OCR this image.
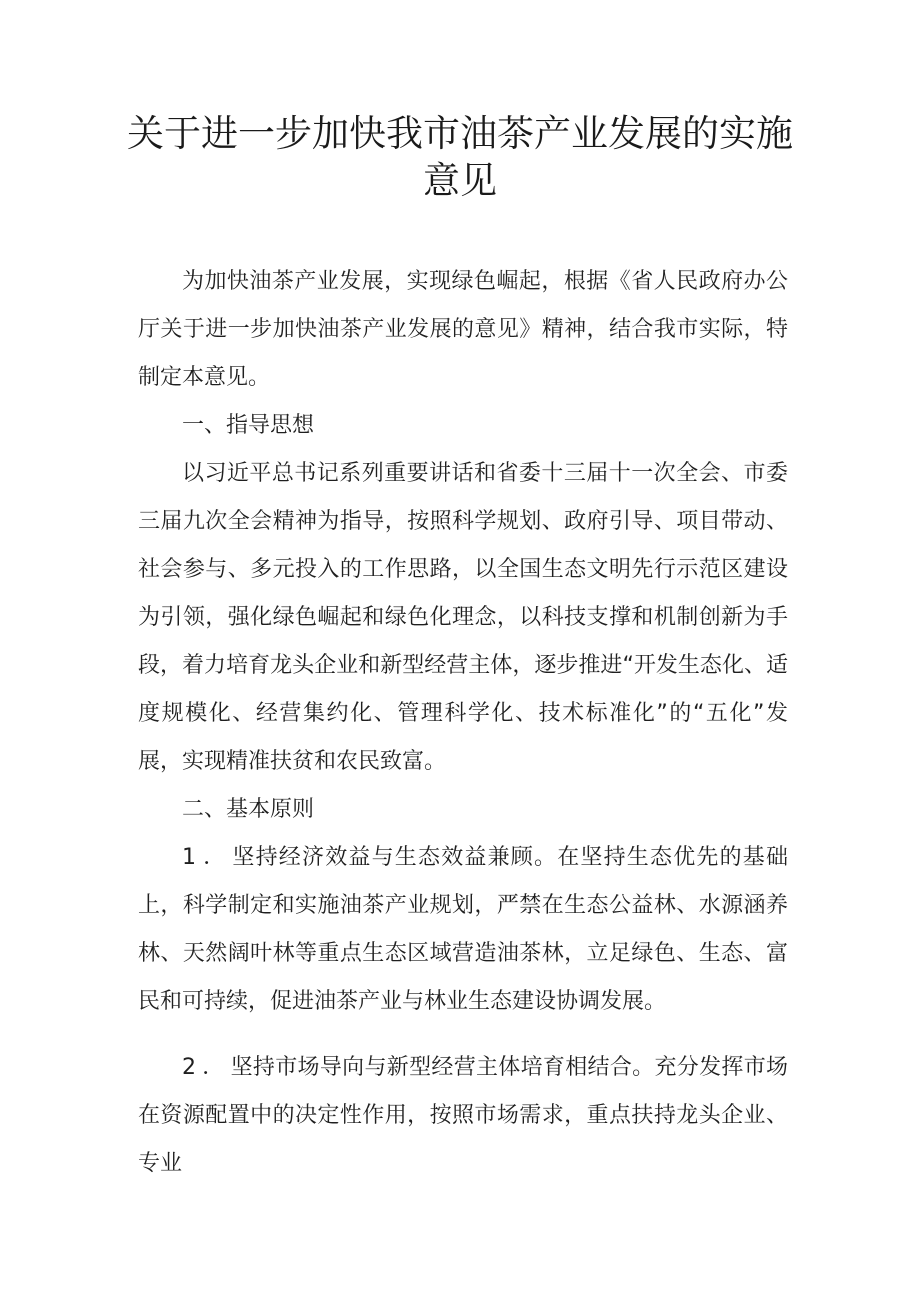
关于进一步加快我市油茶产业发展的实施
意见

为加快油茶产业发展，实现绿色崛起，根据《省人民政府办公厅关于进一步加快油茶产业发展的意见》精神，结合我市实际，特制定本意见。

一、指导思想

以习近平总书记系列重要讲话和省委十三届十一次全会、市委三届九次全会精神为指导，按照科学规划、政府引导、项目带动、社会参与、多元投入的工作思路，以全国生态文明先行示范区建设为引领，强化绿色崛起和绿色化理念，以科技支撑和机制创新为手段，着力培育龙头企业和新型经营主体，逐步推进“开发生态化、适度规模化、经营集约化、管理科学化、技术标准化”的“五化”发展，实现精准扶贫和农民致富。

二、基本原则

1．坚持经济效益与生态效益兼顾。在坚持生态优先的基础上，科学制定和实施油茶产业规划，严禁在生态公益林、水源涵养林、天然阔叶林等重点生态区域营造油茶林，立足绿色、生态、富民和可持续，促进油茶产业与林业生态建设协调发展。

2．坚持市场导向与新型经营主体培育相结合。充分发挥市场在资源配置中的决定性作用，按照市场需求，重点扶持龙头企业、专业
